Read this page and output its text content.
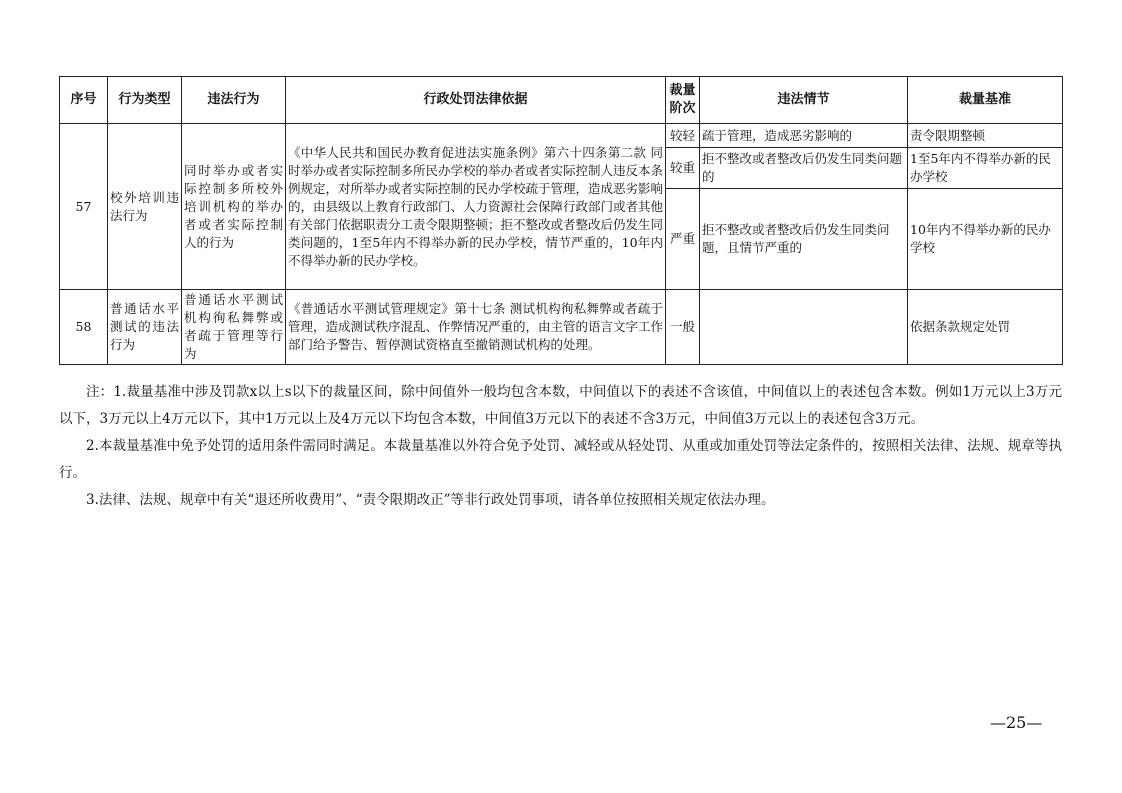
序号	行为类型	违法行为	行政处罚法律依据	裁量阶次	违法情节	裁量基准
57	校外培训违法行为	同时举办或者实际控制多所校外培训机构的举办者或者实际控制人的行为	《中华人民共和国民办教育促进法实施条例》第六十四条第二款 同时举办或者实际控制多所民办学校的举办者或者实际控制人违反本条例规定，对所举办或者实际控制的民办学校疏于管理，造成恶劣影响的，由县级以上教育行政部门、人力资源社会保障行政部门或者其他有关部门依据职责分工责令限期整顿；拒不整改或者整改后仍发生同类问题的，1至5年内不得举办新的民办学校，情节严重的，10年内不得举办新的民办学校。	较轻	疏于管理，造成恶劣影响的	责令限期整顿
				较重	拒不整改或者整改后仍发生同类问题的	1至5年内不得举办新的民办学校
				严重	拒不整改或者整改后仍发生同类问题，且情节严重的	10年内不得举办新的民办学校
58	普通话水平测试的违法行为	普通话水平测试机构徇私舞弊或者疏于管理等行为	《普通话水平测试管理规定》第十七条 测试机构徇私舞弊或者疏于管理，造成测试秩序混乱、作弊情况严重的，由主管的语言文字工作部门给予警告、暂停测试资格直至撤销测试机构的处理。	一般		依据条款规定处罚

注：1.裁量基准中涉及罚款x以上s以下的裁量区间，除中间值外一般均包含本数，中间值以下的表述不含该值，中间值以上的表述包含本数。例如1万元以上3万元以下，3万元以上4万元以下，其中1万元以上及4万元以下均包含本数，中间值3万元以下的表述不含3万元，中间值3万元以上的表述包含3万元。

2.本裁量基准中免予处罚的适用条件需同时满足。本裁量基准以外符合免予处罚、减轻或从轻处罚、从重或加重处罚等法定条件的，按照相关法律、法规、规章等执行。

3.法律、法规、规章中有关“退还所收费用”、“责令限期改正”等非行政处罚事项，请各单位按照相关规定依法办理。

—25—
